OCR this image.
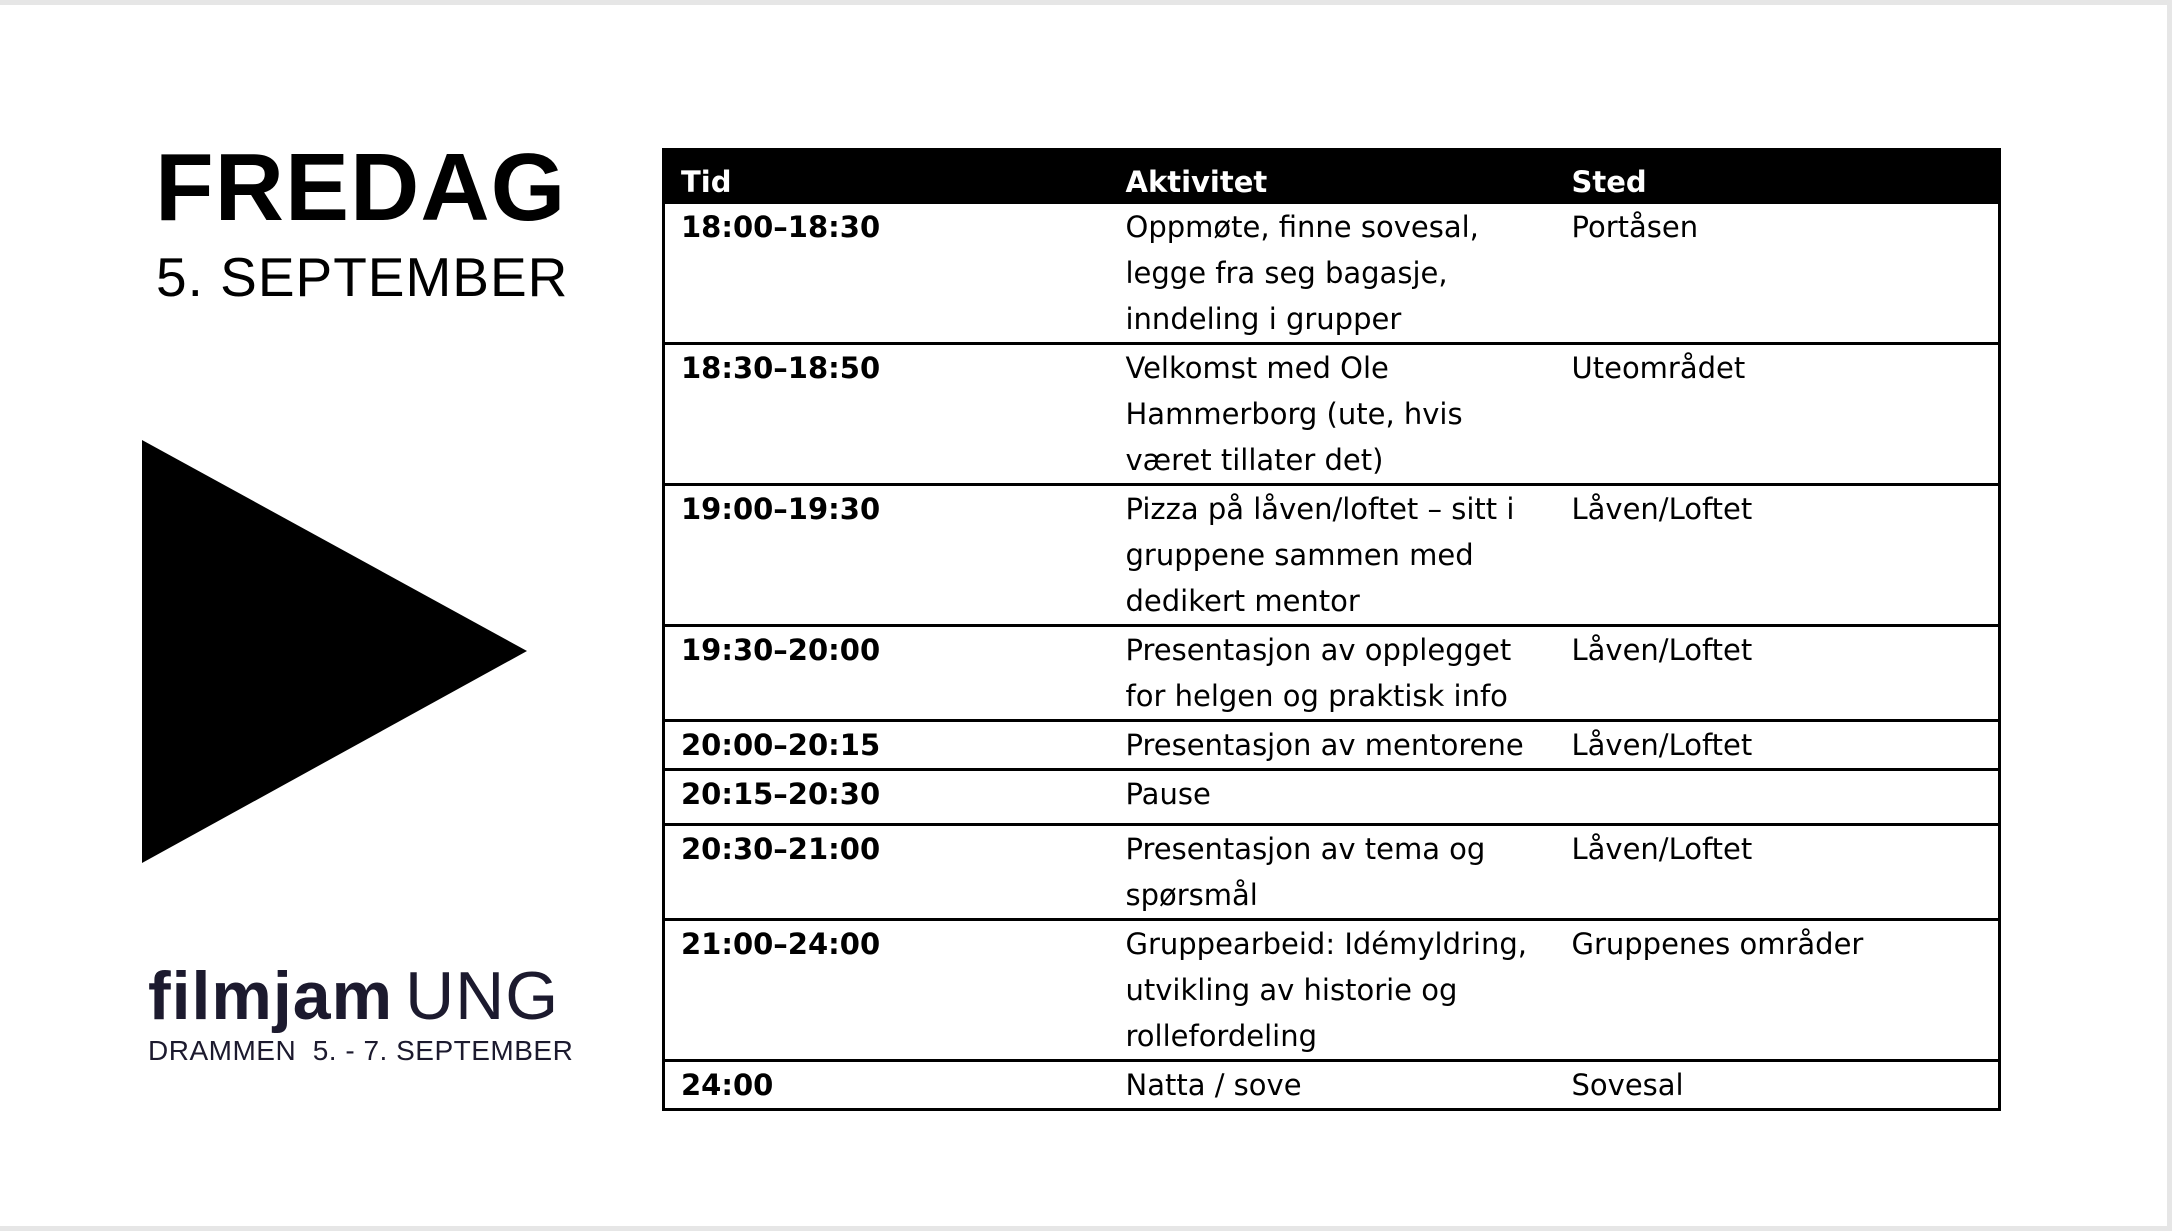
FREDAG
5. SEPTEMBER
filmjam UNG
DRAMMEN  5. - 7. SEPTEMBER
Tid	Aktivitet	Sted
18:00–18:30	Oppmøte, finne sovesal, legge fra seg bagasje, inndeling i grupper	Portåsen
18:30–18:50	Velkomst med Ole Hammerborg (ute, hvis været tillater det)	Uteområdet
19:00–19:30	Pizza på låven/loftet – sitt i gruppene sammen med dedikert mentor	Låven/Loftet
19:30–20:00	Presentasjon av opplegget for helgen og praktisk info	Låven/Loftet
20:00–20:15	Presentasjon av mentorene	Låven/Loftet
20:15–20:30	Pause	
20:30–21:00	Presentasjon av tema og spørsmål	Låven/Loftet
21:00–24:00	Gruppearbeid: Idémyldring, utvikling av historie og rollefordeling	Gruppenes områder
24:00	Natta / sove	Sovesal
